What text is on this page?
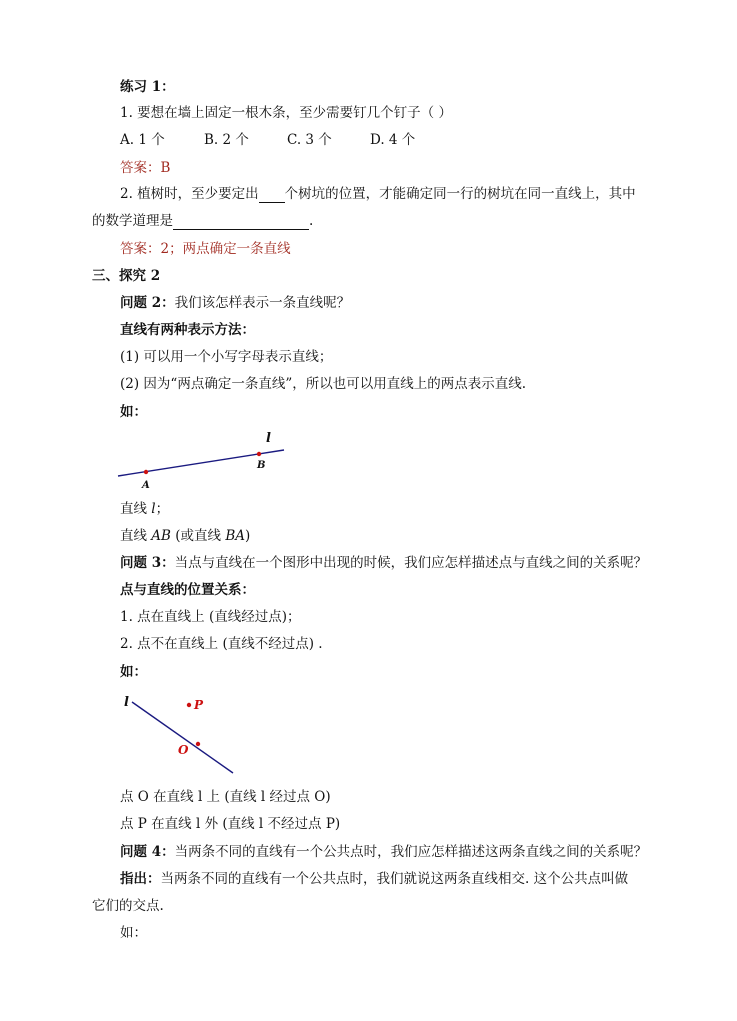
练习 1：
1. 要想在墙上固定一根木条，至少需要钉几个钉子（ ）
A. 1 个	B. 2 个	C. 3 个	D. 4 个
答案：B
2. 植树时，至少要定出 个树坑的位置，才能确定同一行的树坑在同一直线上，其中
的数学道理是	.
答案：2；两点确定一条直线
三、探究 2
问题 2：我们该怎样表示一条直线呢？
直线有两种表示方法：
(1) 可以用一个小写字母表示直线；
(2) 因为“两点确定一条直线”，所以也可以用直线上的两点表示直线.
如：
A
B
l
直线 l；
直线 AB (或直线 BA)
问题 3：当点与直线在一个图形中出现的时候，我们应怎样描述点与直线之间的关系呢？
点与直线的位置关系：
1. 点在直线上 (直线经过点)；
2. 点不在直线上 (直线不经过点) .
如：
l	P
O
点 O 在直线 l 上 (直线 l 经过点 O)
点 P 在直线 l 外 (直线 l 不经过点 P)
问题 4：当两条不同的直线有一个公共点时，我们应怎样描述这两条直线之间的关系呢？
指出：当两条不同的直线有一个公共点时，我们就说这两条直线相交. 这个公共点叫做
它们的交点.
如：
